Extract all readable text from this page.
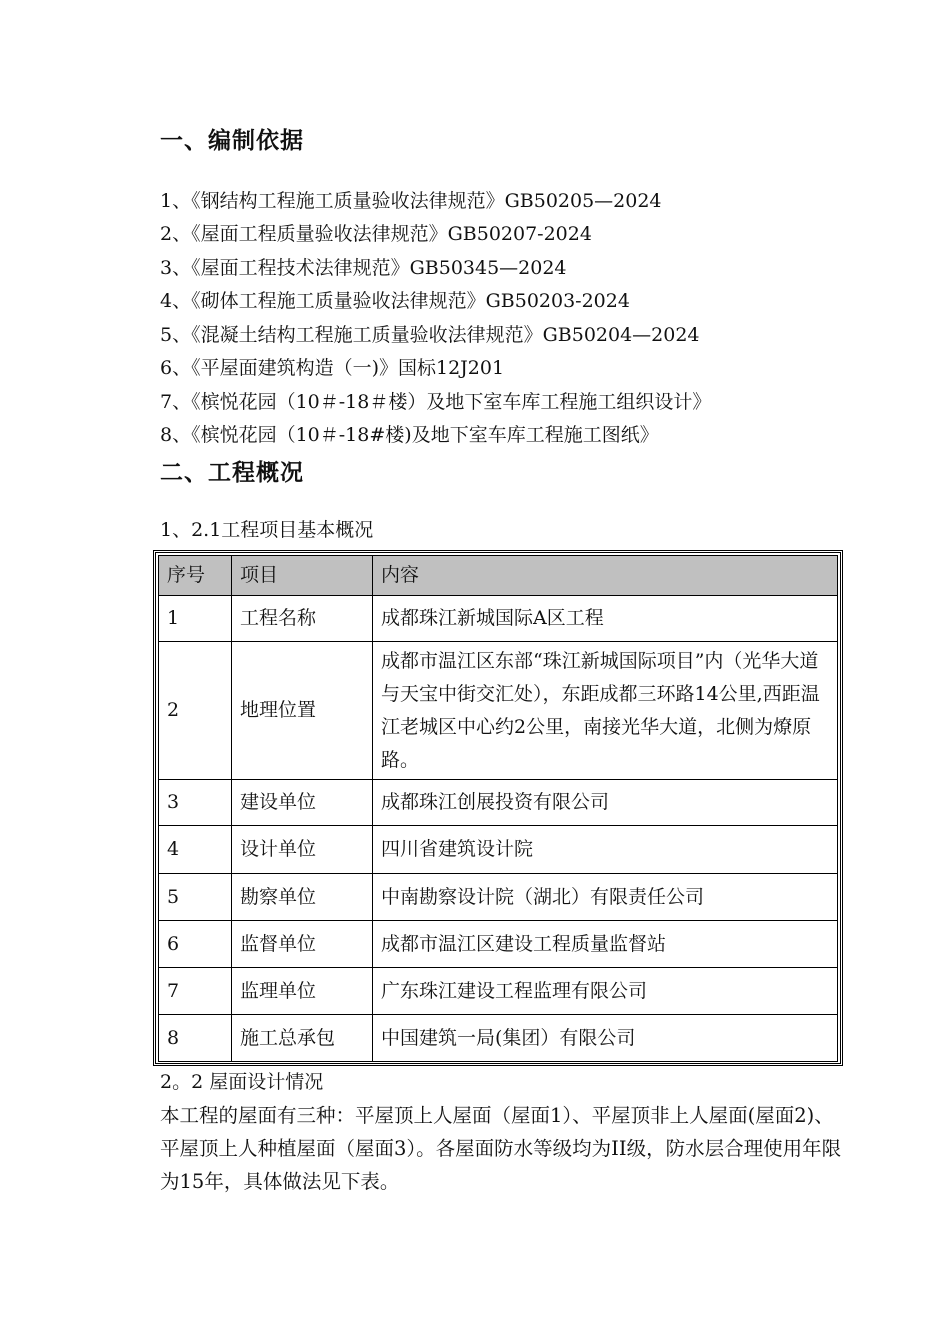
一、编制依据
1、《钢结构工程施工质量验收法律规范》GB50205—2024
2、《屋面工程质量验收法律规范》GB50207-2024
3、《屋面工程技术法律规范》GB50345—2024
4、《砌体工程施工质量验收法律规范》GB50203-2024
5、《混凝土结构工程施工质量验收法律规范》GB50204—2024
6、《平屋面建筑构造（一)》国标12J201
7、《槟悦花园（10＃-18＃楼）及地下室车库工程施工组织设计》
8、《槟悦花园（10＃-18#楼)及地下室车库工程施工图纸》
二、工程概况
1、2.1工程项目基本概况
序号	项目	内容
1	工程名称	成都珠江新城国际A区工程
2	地理位置	成都市温江区东部“珠江新城国际项目”内（光华大道与天宝中街交汇处），东距成都三环路14公里,西距温江老城区中心约2公里，南接光华大道，北侧为燎原路。
3	建设单位	成都珠江创展投资有限公司
4	设计单位	四川省建筑设计院
5	勘察单位	中南勘察设计院（湖北）有限责任公司
6	监督单位	成都市温江区建设工程质量监督站
7	监理单位	广东珠江建设工程监理有限公司
8	施工总承包	中国建筑一局(集团）有限公司
2。2 屋面设计情况
本工程的屋面有三种：平屋顶上人屋面（屋面1）、平屋顶非上人屋面(屋面2)、平屋顶上人种植屋面（屋面3）。各屋面防水等级均为II级，防水层合理使用年限为15年，具体做法见下表。
